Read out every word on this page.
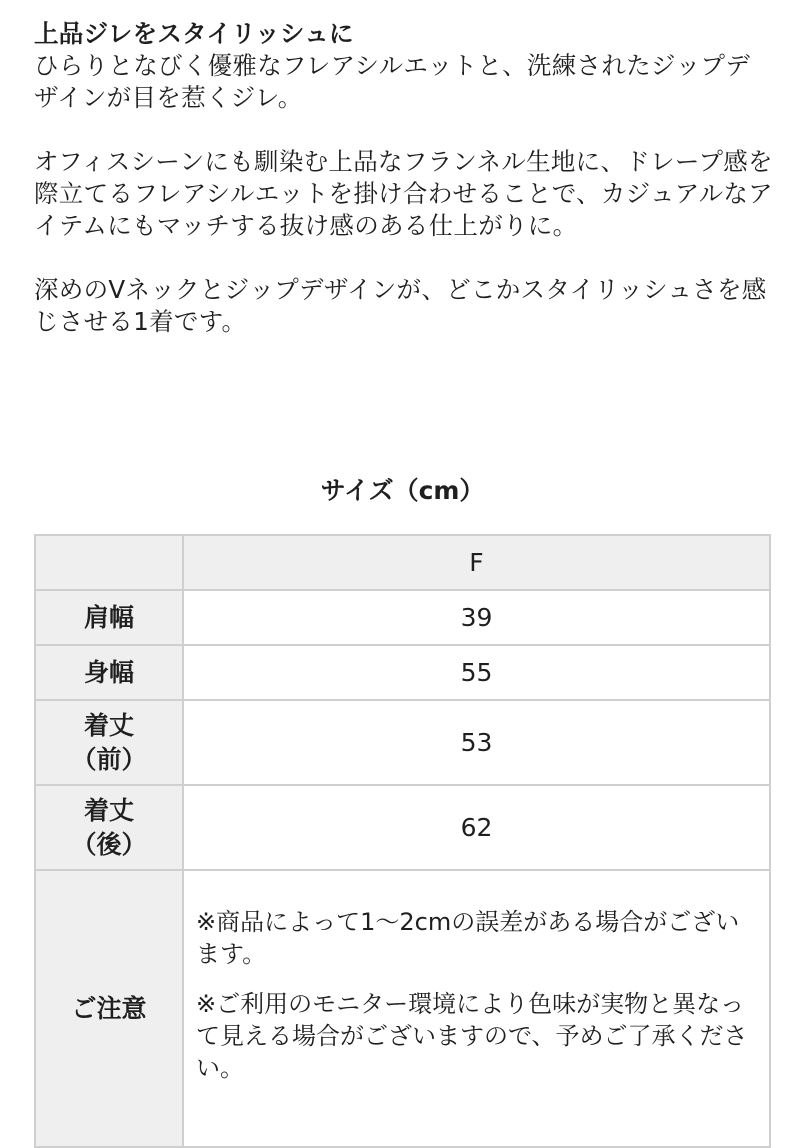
上品ジレをスタイリッシュに

ひらりとなびく優雅なフレアシルエットと、洗練されたジップデザインが目を惹くジレ。

オフィスシーンにも馴染む上品なフランネル生地に、ドレープ感を際立てるフレアシルエットを掛け合わせることで、カジュアルなアイテムにもマッチする抜け感のある仕上がりに。

深めのVネックとジップデザインが、どこかスタイリッシュさを感じさせる1着です。

サイズ（cm）
	F
肩幅	39
身幅	55
着丈（前）	53
着丈（後）	62
ご注意	※商品によって1〜2cmの誤差がある場合がございます。

※ご利用のモニター環境により色味が実物と異なって見える場合がございますので、予めご了承ください。
